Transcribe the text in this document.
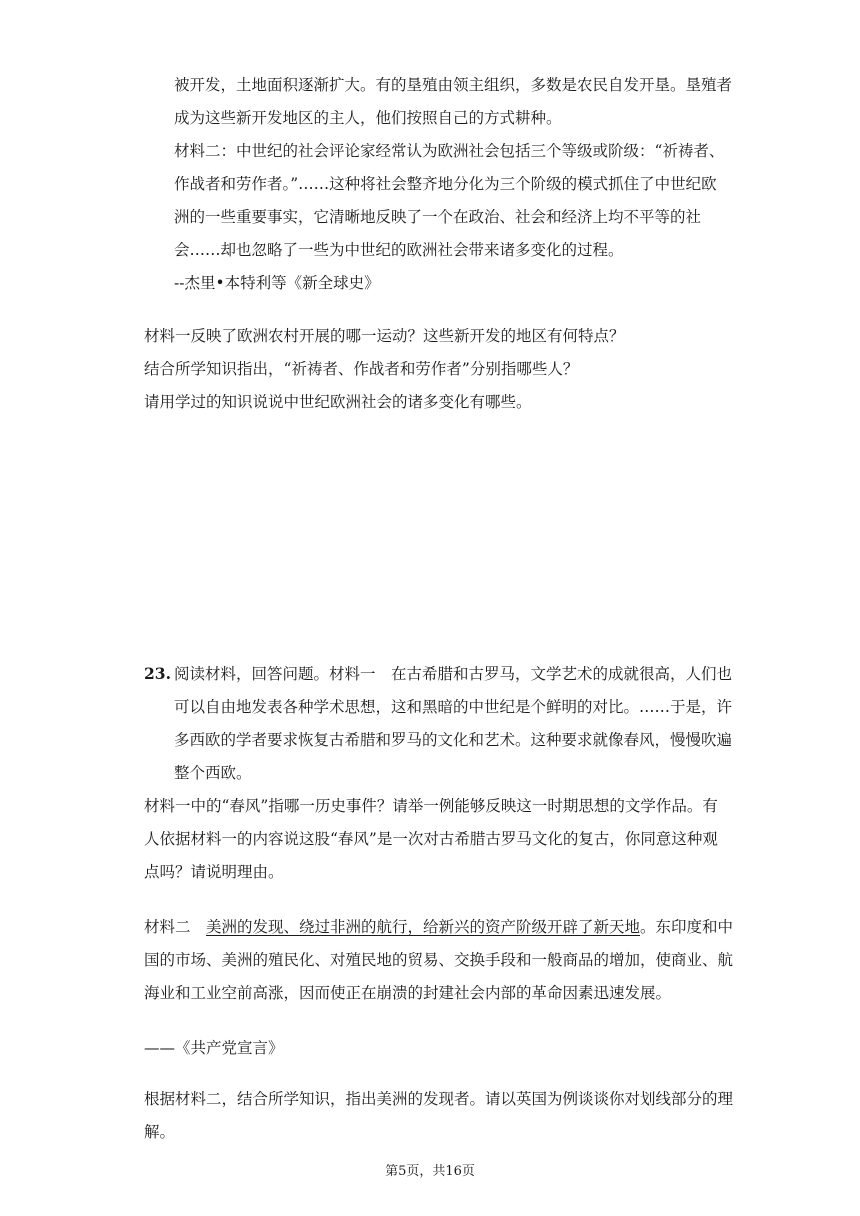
被开发，土地面积逐渐扩大。有的垦殖由领主组织，多数是农民自发开垦。垦殖者
成为这些新开发地区的主人，他们按照自己的方式耕种。
材料二：中世纪的社会评论家经常认为欧洲社会包括三个等级或阶级：“祈祷者、
作战者和劳作者。”……这种将社会整齐地分化为三个阶级的模式抓住了中世纪欧
洲的一些重要事实，它清晰地反映了一个在政治、社会和经济上均不平等的社
会……却也忽略了一些为中世纪的欧洲社会带来诸多变化的过程。
--杰里•本特利等《新全球史》
材料一反映了欧洲农村开展的哪一运动？这些新开发的地区有何特点？
结合所学知识指出，“祈祷者、作战者和劳作者”分别指哪些人？
请用学过的知识说说中世纪欧洲社会的诸多变化有哪些。
23. 阅读材料，回答问题。材料一　在古希腊和古罗马，文学艺术的成就很高，人们也
可以自由地发表各种学术思想，这和黑暗的中世纪是个鲜明的对比。……于是，许
多西欧的学者要求恢复古希腊和罗马的文化和艺术。这种要求就像春风，慢慢吹遍
整个西欧。
材料一中的“春风”指哪一历史事件？请举一例能够反映这一时期思想的文学作品。有
人依据材料一的内容说这股“春风”是一次对古希腊古罗马文化的复古，你同意这种观
点吗？请说明理由。
材料二　美洲的发现、绕过非洲的航行，给新兴的资产阶级开辟了新天地。东印度和中
国的市场、美洲的殖民化、对殖民地的贸易、交换手段和一般商品的增加，使商业、航
海业和工业空前高涨，因而使正在崩溃的封建社会内部的革命因素迅速发展。
——《共产党宣言》
根据材料二，结合所学知识，指出美洲的发现者。请以英国为例谈谈你对划线部分的理
解。
第5页，共16页
